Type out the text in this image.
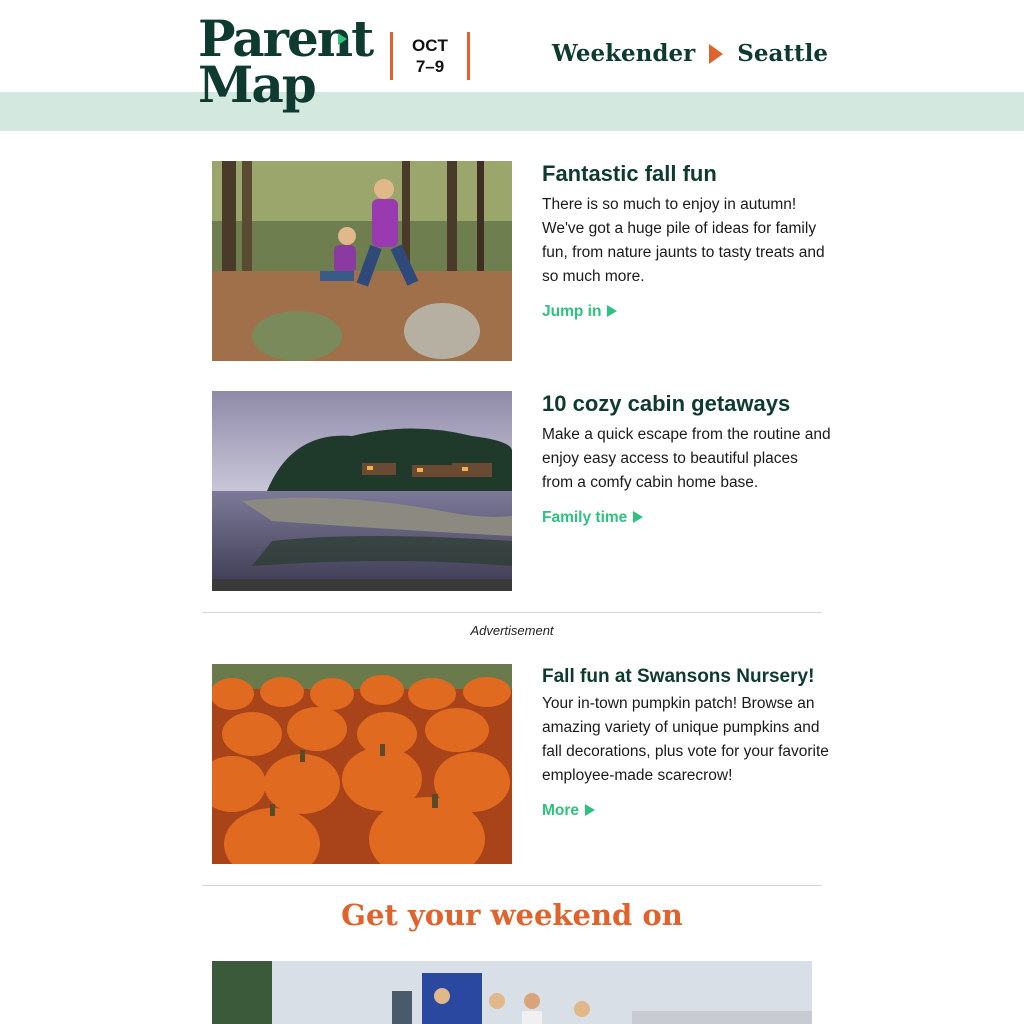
Parent
Map
OCT
7–9	Weekender Seattle
Fantastic fall fun

There is so much to enjoy in autumn! We've got a huge pile of ideas for family fun, from nature jaunts to tasty treats and so much more.

Jump in
10 cozy cabin getaways

Make a quick escape from the routine and enjoy easy access to beautiful places from a comfy cabin home base.

Family time
Advertisement
Fall fun at Swansons Nursery!

Your in-town pumpkin patch! Browse an amazing variety of unique pumpkins and fall decorations, plus vote for your favorite employee-made scarecrow!

More
Get your weekend on
